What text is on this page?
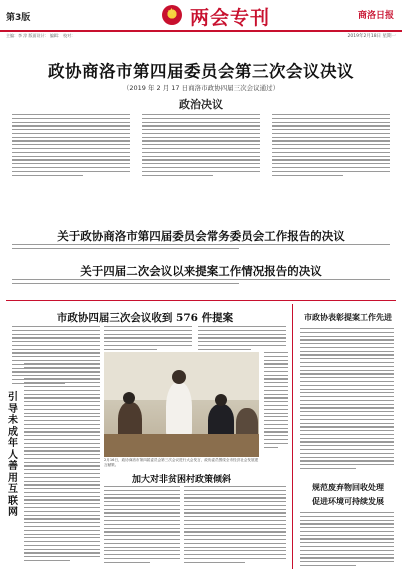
第3版
★	两会专刊	商洛日报
主编：李 淳 版面设计： 编辑： 校对：	2019年2月18日 星期一
政协商洛市第四届委员会第三次会议决议
（2019 年 2 月 17 日商洛市政协四届三次会议通过）
政治决议
关于政协商洛市第四届委员会常务委员会工作报告的决议
关于四届二次会议以来提案工作情况报告的决议
市政协四届三次会议收到 576 件提案	市政协表彰提案工作先进
引导未成年人善用互联网
2月16日，政协商洛市第四届委员会第三次会议进行大会发言，政协委员围绕全市经济社会发展建言献策。
加大对非贫困村政策倾斜
规范废弃物回收处理
促进环境可持续发展
